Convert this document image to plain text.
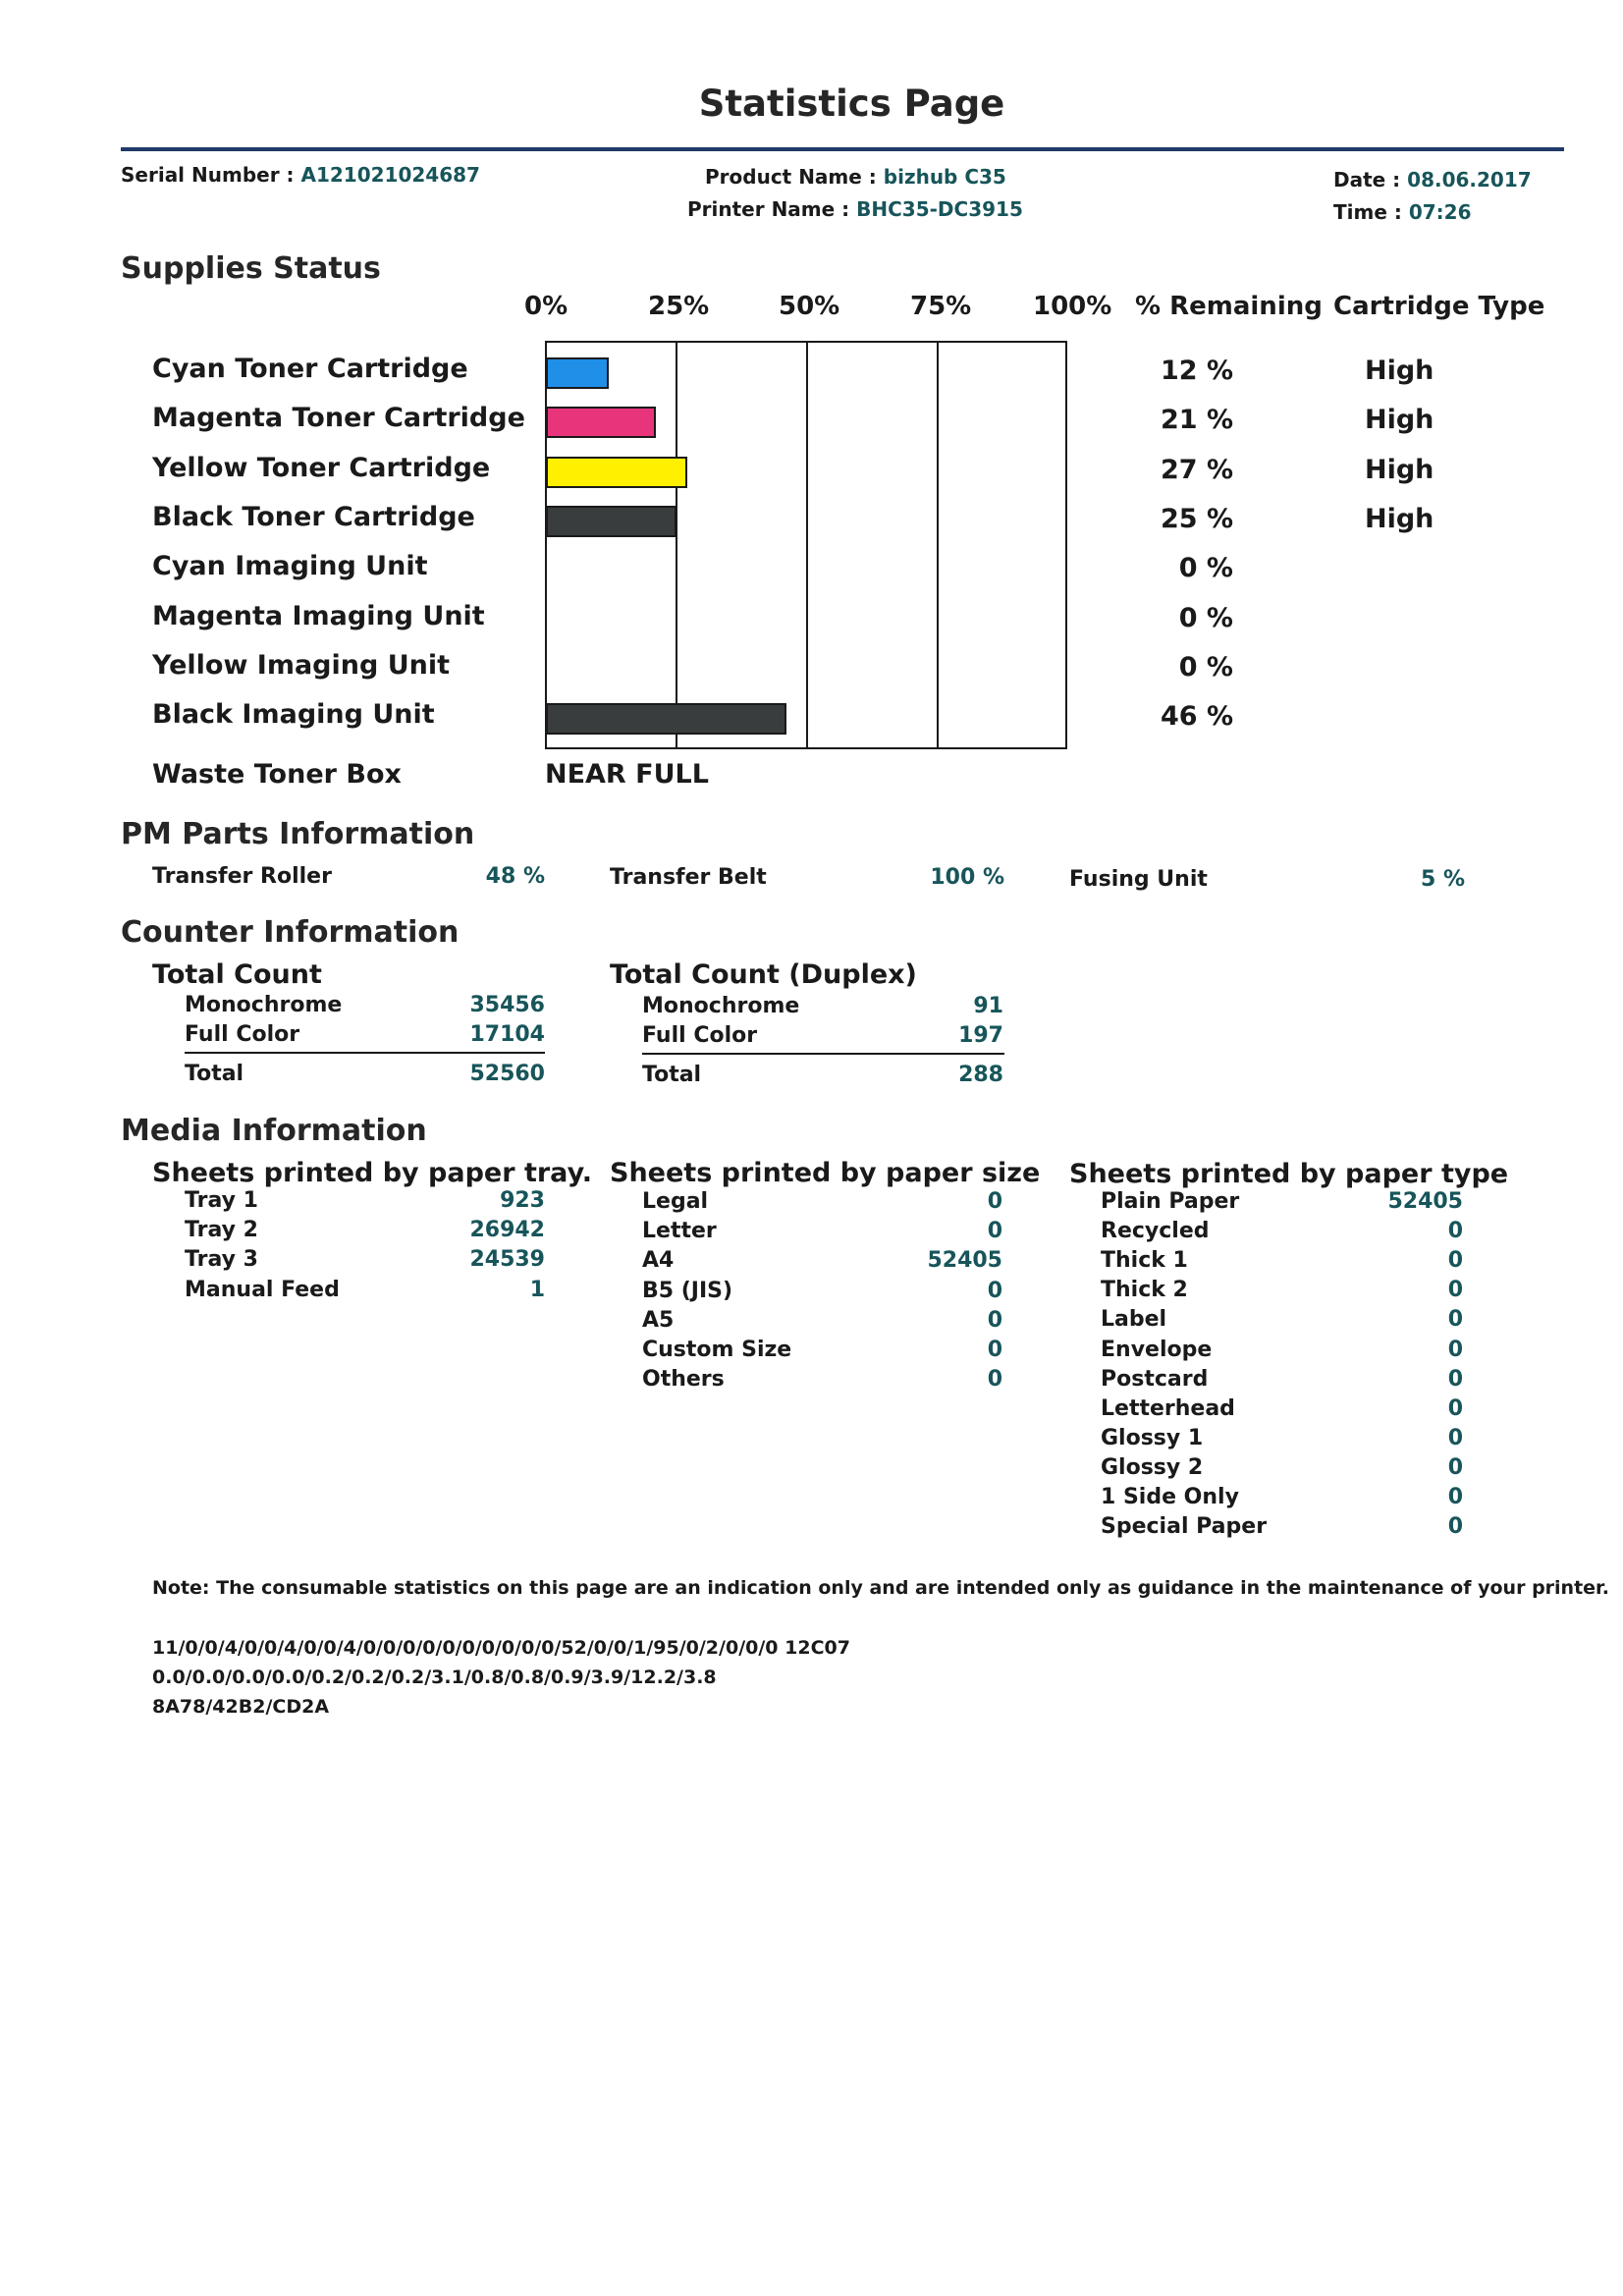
Statistics Page
Serial Number : A121021024687	Product Name : bizhub C35
Printer Name : BHC35-DC3915
Date : 08.06.2017
Time : 07:26
Supplies Status
0%	25%	50%	75% 100% % Remaining Cartridge Type
Cyan Toner Cartridge	12 %	High
Magenta Toner Cartridge	21 %	High
Yellow Toner Cartridge	27 %	High
Black Toner Cartridge	25 %	High
Cyan Imaging Unit	0 %
Magenta Imaging Unit	0 %
Yellow Imaging Unit	0 %
Black Imaging Unit	46 %
Waste Toner Box	NEAR FULL
PM Parts Information
Transfer Roller	48 %	Transfer Belt	100 %	Fusing Unit	5 %
Counter Information
Total Count
Monochrome	35456
Full Color	17104
Total	52560
Total Count (Duplex)
Monochrome	91
Full Color	197
Total	288
Media Information
Sheets printed by paper tray. Sheets printed by paper size Sheets printed by paper type
Tray 1	923
Tray 2	26942
Tray 3	24539
Manual Feed	1
Legal	0
Letter	0
A4	52405
B5 (JIS)	0
A5	0
Custom Size	0
Others	0
Plain Paper	52405
Recycled	0
Thick 1	0
Thick 2	0
Label	0
Envelope	0
Postcard	0
Letterhead	0
Glossy 1	0
Glossy 2	0
1 Side Only	0
Special Paper	0
Note: The consumable statistics on this page are an indication only and are intended only as guidance in the maintenance of your printer.
11/0/0/4/0/0/4/0/0/4/0/0/0/0/0/0/0/0/0/0/52/0/0/1/95/0/2/0/0/0 12C07
0.0/0.0/0.0/0.0/0.2/0.2/0.2/3.1/0.8/0.8/0.9/3.9/12.2/3.8
8A78/42B2/CD2A
